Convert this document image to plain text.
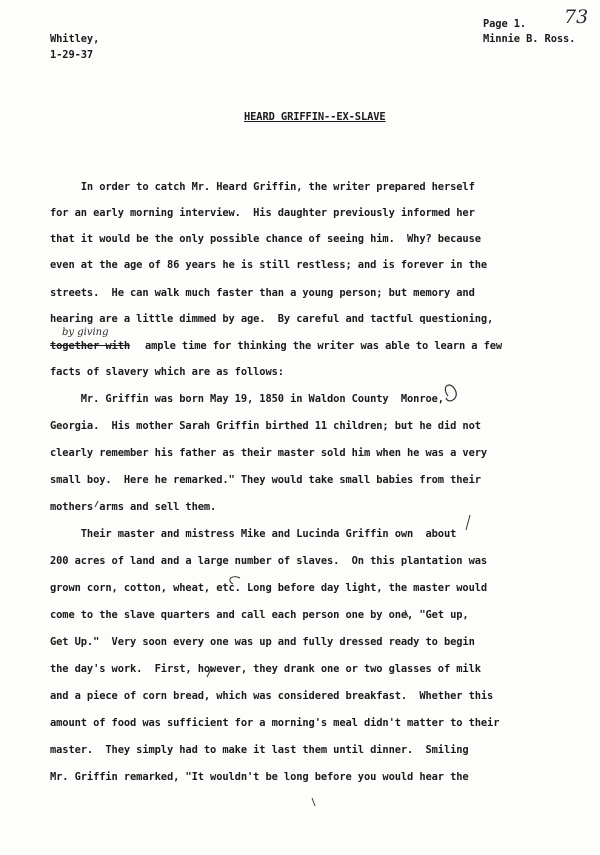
Whitley,
1-29-37
Page 1. 73
Minnie B. Ross.
HEARD GRIFFIN--EX-SLAVE
In order to catch Mr. Heard Griffin, the writer prepared herself
for an early morning interview.  His daughter previously informed her
that it would be the only possible chance of seeing him.  Why? because
even at the age of 86 years he is still restless; and is forever in the
streets.  He can walk much faster than a young person; but memory and
hearing are a little dimmed by age.  By careful and tactful questioning,
by giving
together with ample time for thinking the writer was able to learn a few
facts of slavery which are as follows:
Mr. Griffin was born May 19, 1850 in Waldon County  Monroe,
Georgia.  His mother Sarah Griffin birthed 11 children; but he did not
clearly remember his father as their master sold him when he was a very
small boy.  Here he remarked." They would take small babies from their
mothers arms and sell them.
Their master and mistress Mike and Lucinda Griffin own  about
200 acres of land and a large number of slaves.  On this plantation was
grown corn, cotton, wheat, etc. Long before day light, the master would
come to the slave quarters and call each person one by one, "Get up,
Get Up."  Very soon every one was up and fully dressed ready to begin
the day's work.  First, however, they drank one or two glasses of milk
and a piece of corn bread, which was considered breakfast.  Whether this
amount of food was sufficient for a morning's meal didn't matter to their
master.  They simply had to make it last them until dinner.  Smiling
Mr. Griffin remarked, "It wouldn't be long before you would hear the
